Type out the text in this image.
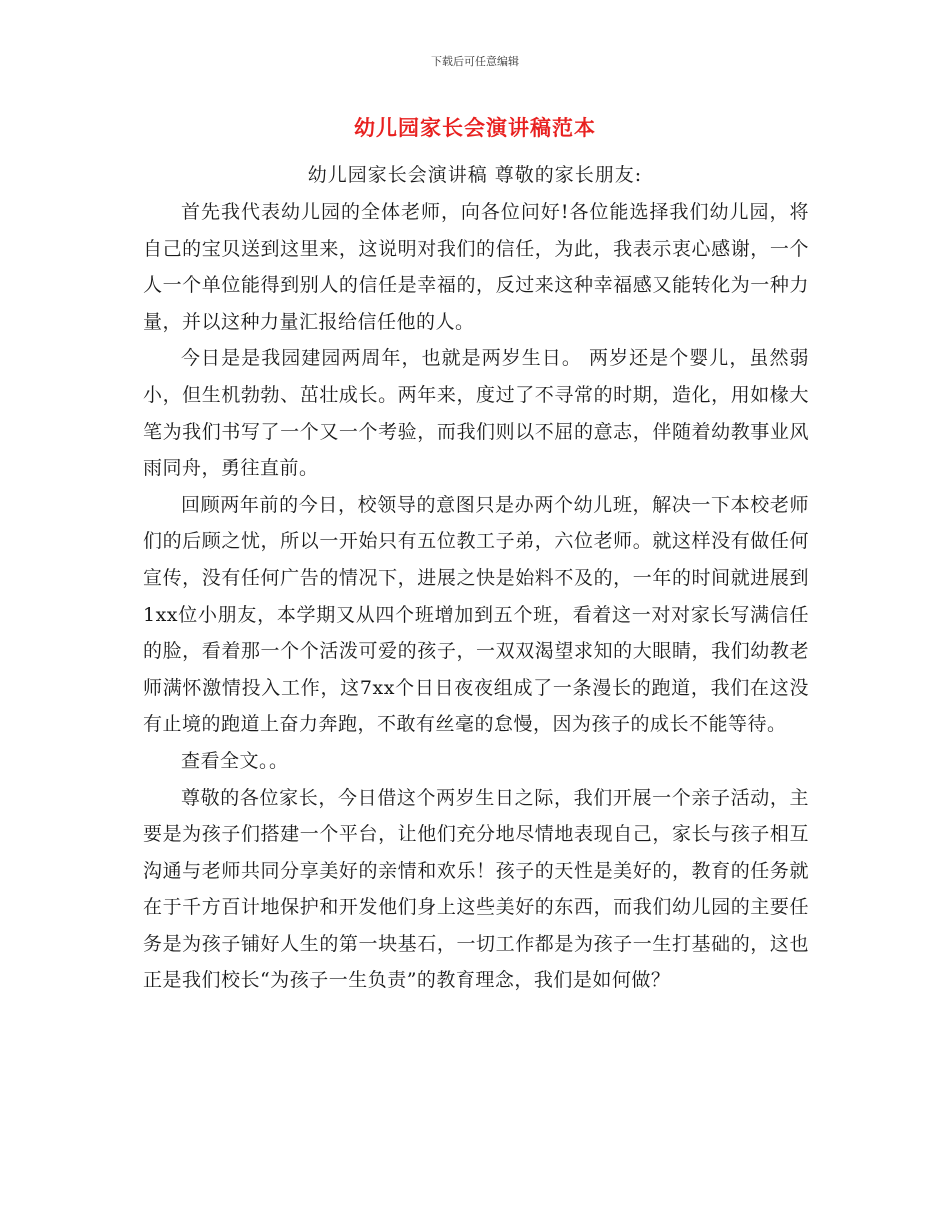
下载后可任意编辑
幼儿园家长会演讲稿范本
幼儿园家长会演讲稿 尊敬的家长朋友:

首先我代表幼儿园的全体老师，向各位问好!各位能选择我们幼儿园，将自己的宝贝送到这里来，这说明对我们的信任，为此，我表示衷心感谢，一个人一个单位能得到别人的信任是幸福的，反过来这种幸福感又能转化为一种力量，并以这种力量汇报给信任他的人。

今日是是我园建园两周年，也就是两岁生日。 两岁还是个婴儿，虽然弱小，但生机勃勃、茁壮成长。两年来，度过了不寻常的时期，造化，用如椽大笔为我们书写了一个又一个考验，而我们则以不屈的意志，伴随着幼教事业风雨同舟，勇往直前。

回顾两年前的今日，校领导的意图只是办两个幼儿班，解决一下本校老师们的后顾之忧，所以一开始只有五位教工子弟，六位老师。就这样没有做任何宣传，没有任何广告的情况下，进展之快是始料不及的，一年的时间就进展到1xx位小朋友，本学期又从四个班增加到五个班，看着这一对对家长写满信任的脸，看着那一个个活泼可爱的孩子，一双双渴望求知的大眼睛，我们幼教老师满怀激情投入工作，这7xx个日日夜夜组成了一条漫长的跑道，我们在这没有止境的跑道上奋力奔跑，不敢有丝毫的怠慢，因为孩子的成长不能等待。

查看全文。。

尊敬的各位家长，今日借这个两岁生日之际，我们开展一个亲子活动，主要是为孩子们搭建一个平台，让他们充分地尽情地表现自己，家长与孩子相互沟通与老师共同分享美好的亲情和欢乐！孩子的天性是美好的，教育的任务就在于千方百计地保护和开发他们身上这些美好的东西，而我们幼儿园的主要任务是为孩子铺好人生的第一块基石，一切工作都是为孩子一生打基础的，这也正是我们校长“为孩子一生负责”的教育理念，我们是如何做？
